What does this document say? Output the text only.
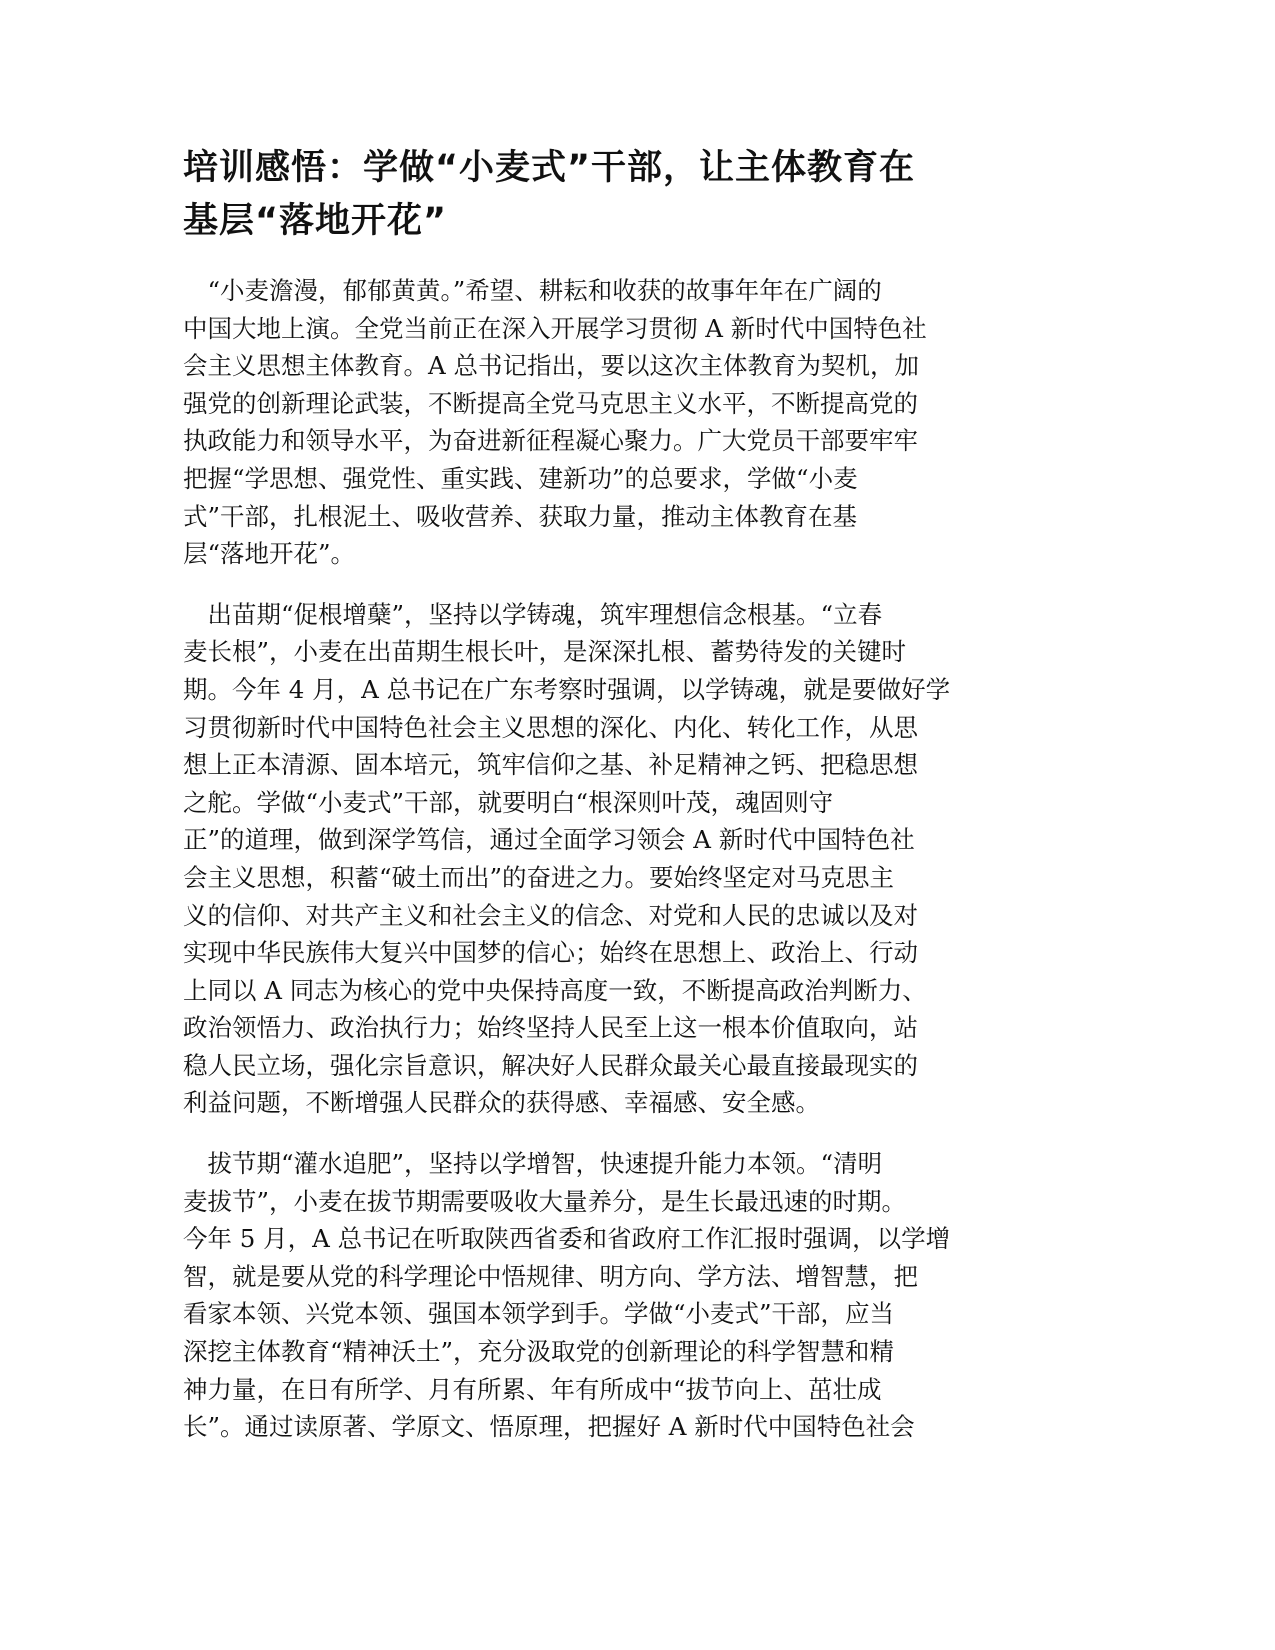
培训感悟：学做“小麦式”干部，让主体教育在
基层“落地开花”

　“小麦澹漫，郁郁黄黄。”希望、耕耘和收获的故事年年在广阔的
中国大地上演。全党当前正在深入开展学习贯彻 A 新时代中国特色社
会主义思想主体教育。A 总书记指出，要以这次主体教育为契机，加
强党的创新理论武装，不断提高全党马克思主义水平，不断提高党的
执政能力和领导水平，为奋进新征程凝心聚力。广大党员干部要牢牢
把握“学思想、强党性、重实践、建新功”的总要求，学做“小麦
式”干部，扎根泥土、吸收营养、获取力量，推动主体教育在基
层“落地开花”。

　出苗期“促根增蘖”，坚持以学铸魂，筑牢理想信念根基。“立春
麦长根”，小麦在出苗期生根长叶，是深深扎根、蓄势待发的关键时
期。今年 4 月，A 总书记在广东考察时强调，以学铸魂，就是要做好学
习贯彻新时代中国特色社会主义思想的深化、内化、转化工作，从思
想上正本清源、固本培元，筑牢信仰之基、补足精神之钙、把稳思想
之舵。学做“小麦式”干部，就要明白“根深则叶茂，魂固则守
正”的道理，做到深学笃信，通过全面学习领会 A 新时代中国特色社
会主义思想，积蓄“破土而出”的奋进之力。要始终坚定对马克思主
义的信仰、对共产主义和社会主义的信念、对党和人民的忠诚以及对
实现中华民族伟大复兴中国梦的信心；始终在思想上、政治上、行动
上同以 A 同志为核心的党中央保持高度一致，不断提高政治判断力、
政治领悟力、政治执行力；始终坚持人民至上这一根本价值取向，站
稳人民立场，强化宗旨意识，解决好人民群众最关心最直接最现实的
利益问题，不断增强人民群众的获得感、幸福感、安全感。

　拔节期“灌水追肥”，坚持以学增智，快速提升能力本领。“清明
麦拔节”，小麦在拔节期需要吸收大量养分，是生长最迅速的时期。
今年 5 月，A 总书记在听取陕西省委和省政府工作汇报时强调，以学增
智，就是要从党的科学理论中悟规律、明方向、学方法、增智慧，把
看家本领、兴党本领、强国本领学到手。学做“小麦式”干部，应当
深挖主体教育“精神沃土”，充分汲取党的创新理论的科学智慧和精
神力量，在日有所学、月有所累、年有所成中“拔节向上、茁壮成
长”。通过读原著、学原文、悟原理，把握好 A 新时代中国特色社会
